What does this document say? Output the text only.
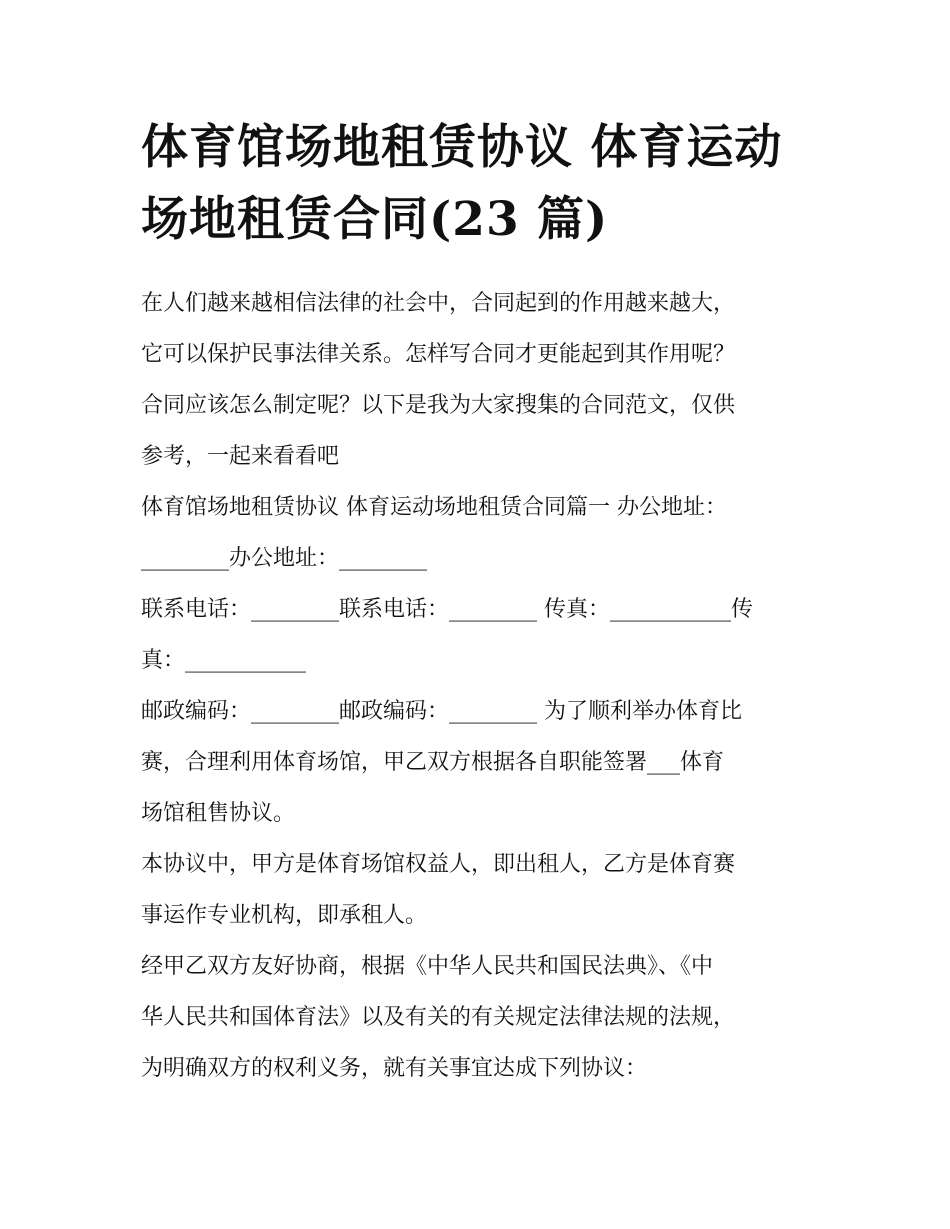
体育馆场地租赁协议 体育运动
场地租赁合同(23 篇)
在人们越来越相信法律的社会中，合同起到的作用越来越大，
它可以保护民事法律关系。怎样写合同才更能起到其作用呢？
合同应该怎么制定呢？以下是我为大家搜集的合同范文，仅供
参考，一起来看看吧
体育馆场地租赁协议 体育运动场地租赁合同篇一 办公地址：
________办公地址：________
联系电话：________联系电话：________ 传真：___________传
真：___________
邮政编码：________邮政编码：________ 为了顺利举办体育比
赛，合理利用体育场馆，甲乙双方根据各自职能签署___体育
场馆租售协议。
本协议中，甲方是体育场馆权益人，即出租人，乙方是体育赛
事运作专业机构，即承租人。
经甲乙双方友好协商，根据《中华人民共和国民法典》、《中
华人民共和国体育法》以及有关的有关规定法律法规的法规，
为明确双方的权利义务，就有关事宜达成下列协议：
